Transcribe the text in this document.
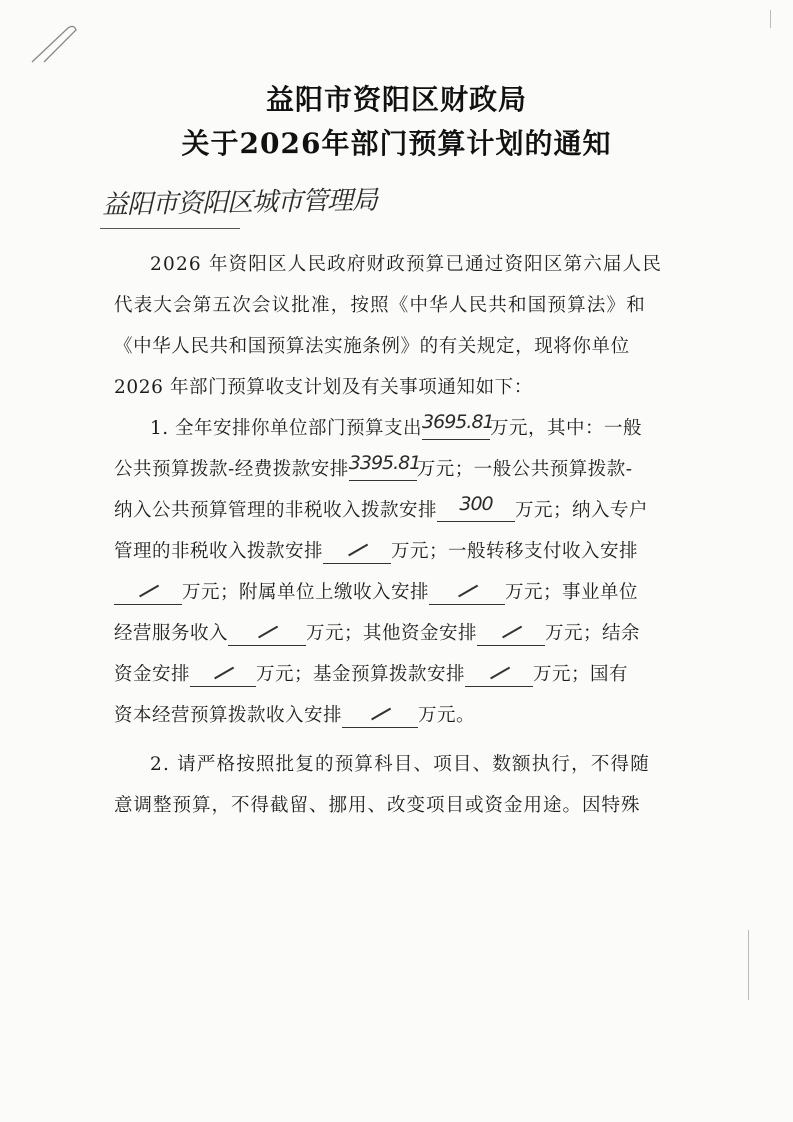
益阳市资阳区财政局
关于2026年部门预算计划的通知
益阳市资阳区城市管理局
2026 年资阳区人民政府财政预算已通过资阳区第六届人民
代表大会第五次会议批准，按照《中华人民共和国预算法》和
《中华人民共和国预算法实施条例》的有关规定，现将你单位
2026 年部门预算收支计划及有关事项通知如下：
1. 全年安排你单位部门预算支出3695.81万元，其中：一般
公共预算拨款-经费拨款安排3395.81万元；一般公共预算拨款-
纳入公共预算管理的非税收入拨款安排 300 万元；纳入专户
管理的非税收入拨款安排	万元；一般转移支付收入安排
万元；附属单位上缴收入安排	万元；事业单位
经营服务收入	万元；其他资金安排	万元；结余
资金安排	万元；基金预算拨款安排	万元；国有
资本经营预算拨款收入安排	万元。
2. 请严格按照批复的预算科目、项目、数额执行，不得随
意调整预算，不得截留、挪用、改变项目或资金用途。因特殊
